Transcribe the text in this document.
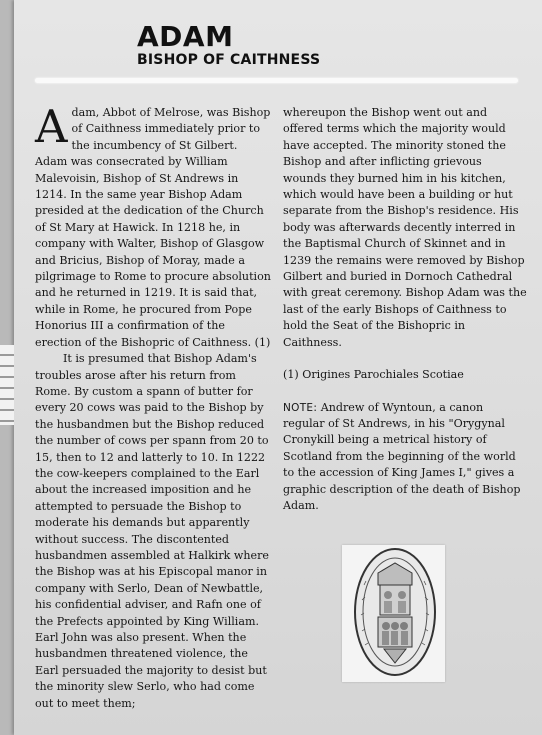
ADAM
BISHOP OF CAITHNESS

Adam, Abbot of Melrose, was Bishop of Caithness immediately prior to the incumbency of St Gilbert. Adam was consecrated by William Malevoisin, Bishop of St Andrews in 1214. In the same year Bishop Adam presided at the dedication of the Church of St Mary at Hawick. In 1218 he, in company with Walter, Bishop of Glasgow and Bricius, Bishop of Moray, made a pilgrimage to Rome to procure absolution and he returned in 1219. It is said that, while in Rome, he procured from Pope Honorius III a confirmation of the erection of the Bishopric of Caithness. (1)

It is presumed that Bishop Adam's troubles arose after his return from Rome. By custom a spann of butter for every 20 cows was paid to the Bishop by the husbandmen but the Bishop reduced the number of cows per spann from 20 to 15, then to 12 and latterly to 10. In 1222 the cow-keepers complained to the Earl about the increased imposition and he attempted to persuade the Bishop to moderate his demands but apparently without success. The discontented husbandmen assembled at Halkirk where the Bishop was at his Episcopal manor in company with Serlo, Dean of Newbattle, his confidential adviser, and Rafn one of the Prefects appointed by King William. Earl John was also present. When the husbandmen threatened violence, the Earl persuaded the majority to desist but the minority slew Serlo, who had come out to meet them;

whereupon the Bishop went out and offered terms which the majority would have accepted. The minority stoned the Bishop and after inflicting grievous wounds they burned him in his kitchen, which would have been a building or hut separate from the Bishop's residence. His body was afterwards decently interred in the Baptismal Church of Skinnet and in 1239 the remains were removed by Bishop Gilbert and buried in Dornoch Cathedral with great ceremony. Bishop Adam was the last of the early Bishops of Caithness to hold the Seat of the Bishopric in Caithness.

(1) Origines Parochiales Scotiae

NOTE: Andrew of Wyntoun, a canon regular of St Andrews, in his "Orygynal Cronykill being a metrical history of Scotland from the beginning of the world to the accession of King James I," gives a graphic description of the death of Bishop Adam.
